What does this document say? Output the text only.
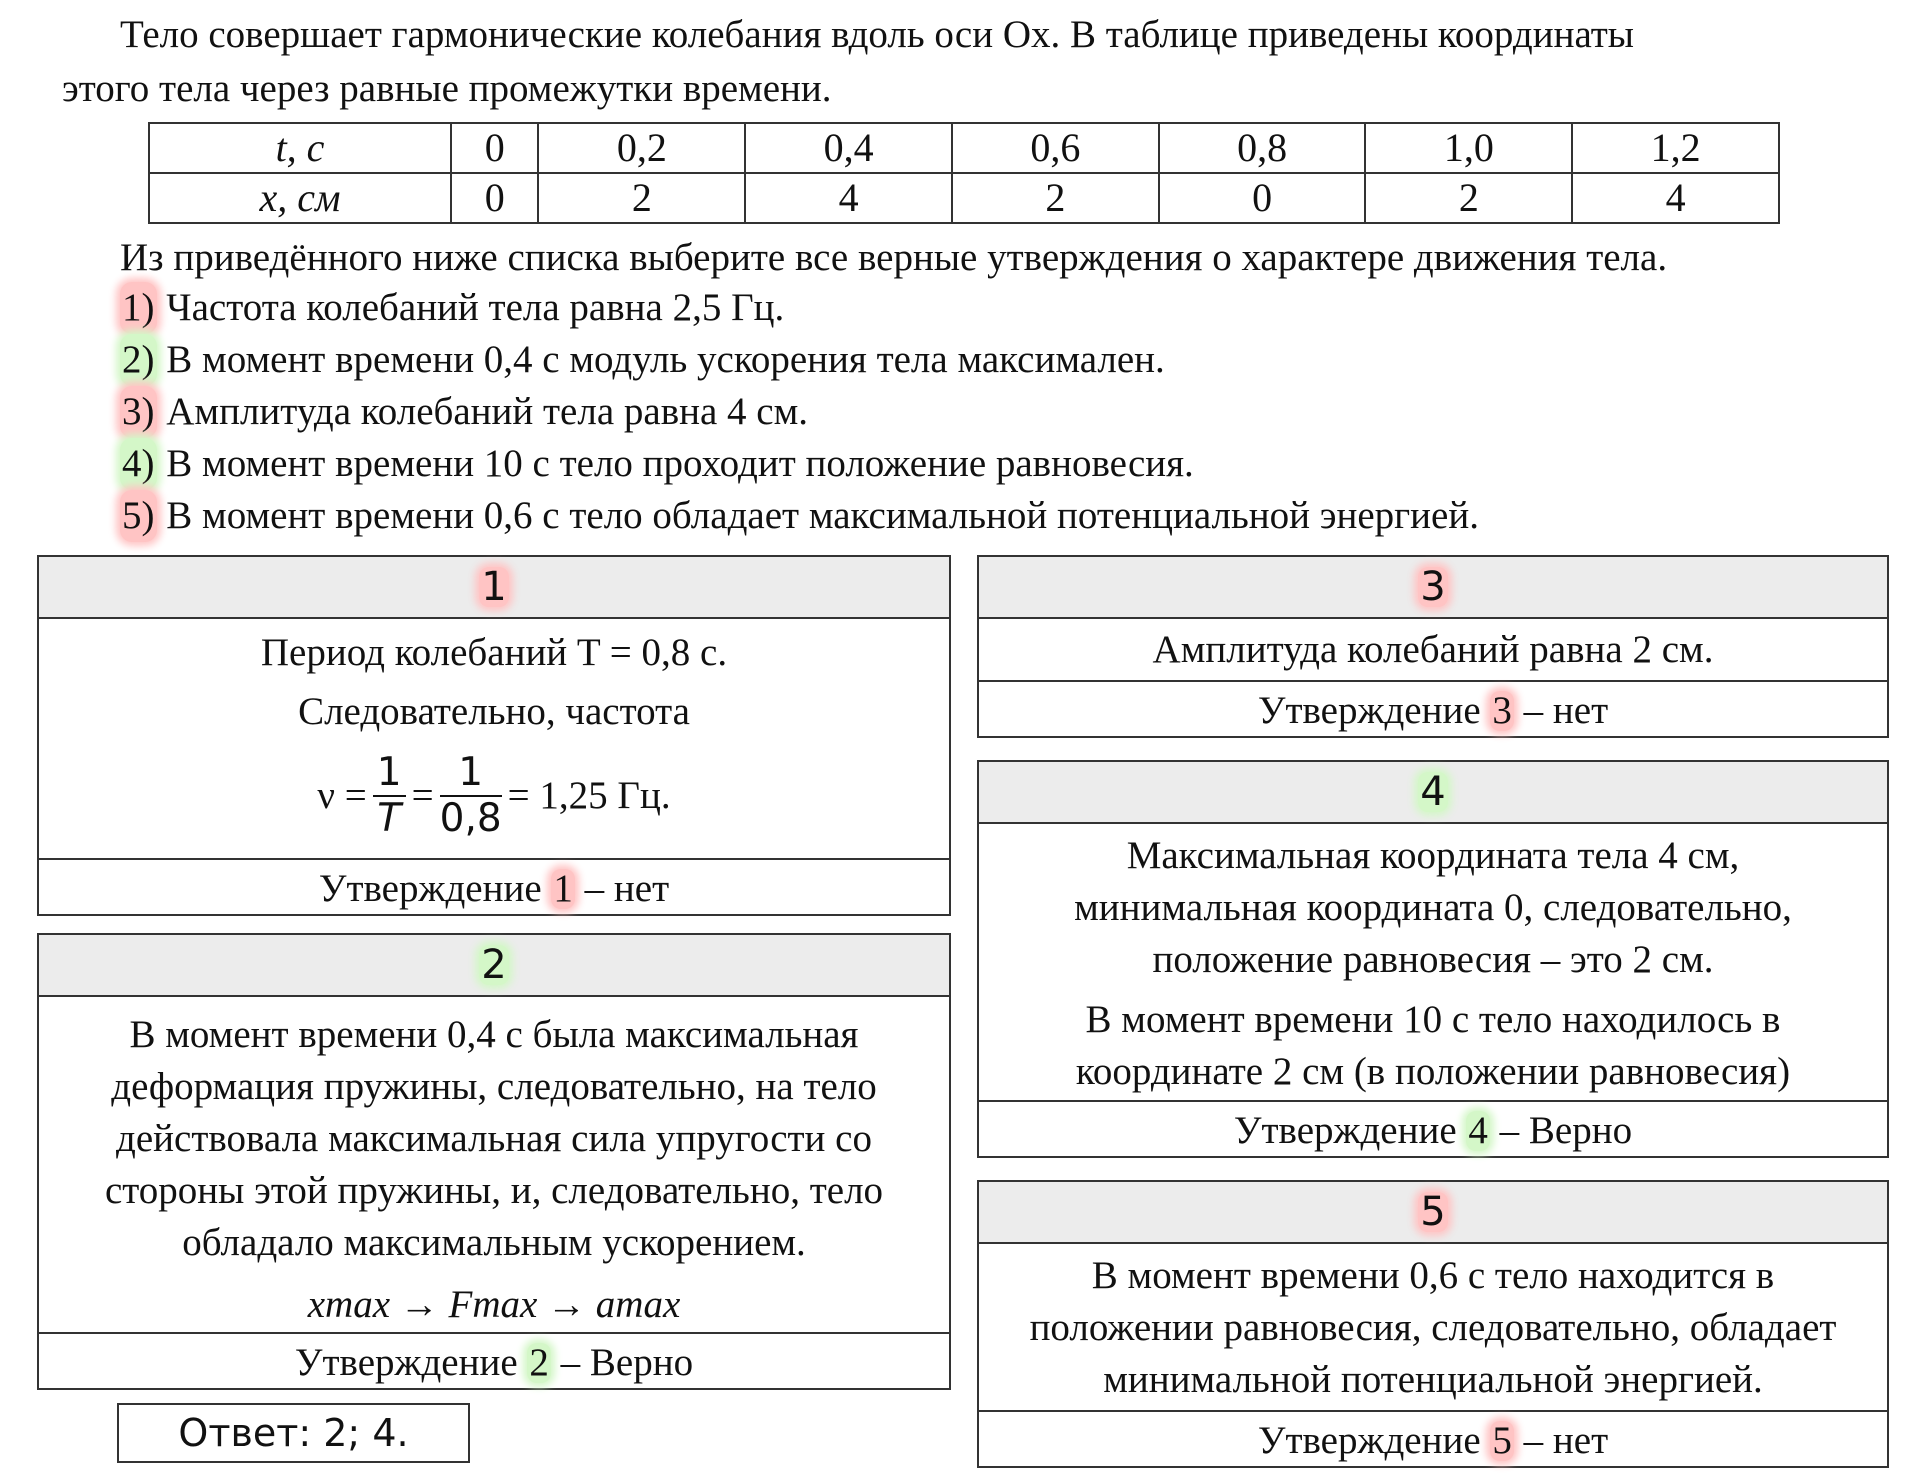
Тело совершает гармонические колебания вдоль оси Ox. В таблице приведены координаты
этого тела через равные промежутки времени.
t, с	0	0,2	0,4	0,6	0,8	1,0	1,2
x, см	0	2	4	2	0	2	4
Из приведённого ниже списка выберите все верные утверждения о характере движения тела.
1) Частота колебаний тела равна 2,5 Гц.
2) В момент времени 0,4 с модуль ускорения тела максимален.
3) Амплитуда колебаний тела равна 4 см.
4) В момент времени 10 с тело проходит положение равновесия.
5) В момент времени 0,6 с тело обладает максимальной потенциальной энергией.
1
Период колебаний T = 0,8 с.
Следовательно, частота
$\nu = \frac{1}{T} = \frac{1}{0,8} = 1,25$ Гц.
Утверждение 1 – нет
2
В момент времени 0,4 с была максимальная
деформация пружины, следовательно, на тело
действовала максимальная сила упругости со
стороны этой пружины, и, следовательно, тело
обладало максимальным ускорением.
xmax → Fmax → amax
Утверждение 2 – Верно
3
Амплитуда колебаний равна 2 см.
Утверждение 3 – нет
4
Максимальная координата тела 4 см,
минимальная координата 0, следовательно,
положение равновесия – это 2 см.
В момент времени 10 с тело находилось в
координате 2 см (в положении равновесия)
Утверждение 4 – Верно
5
В момент времени 0,6 с тело находится в
положении равновесия, следовательно, обладает
минимальной потенциальной энергией.
Утверждение 5 – нет
Ответ: 2; 4.
